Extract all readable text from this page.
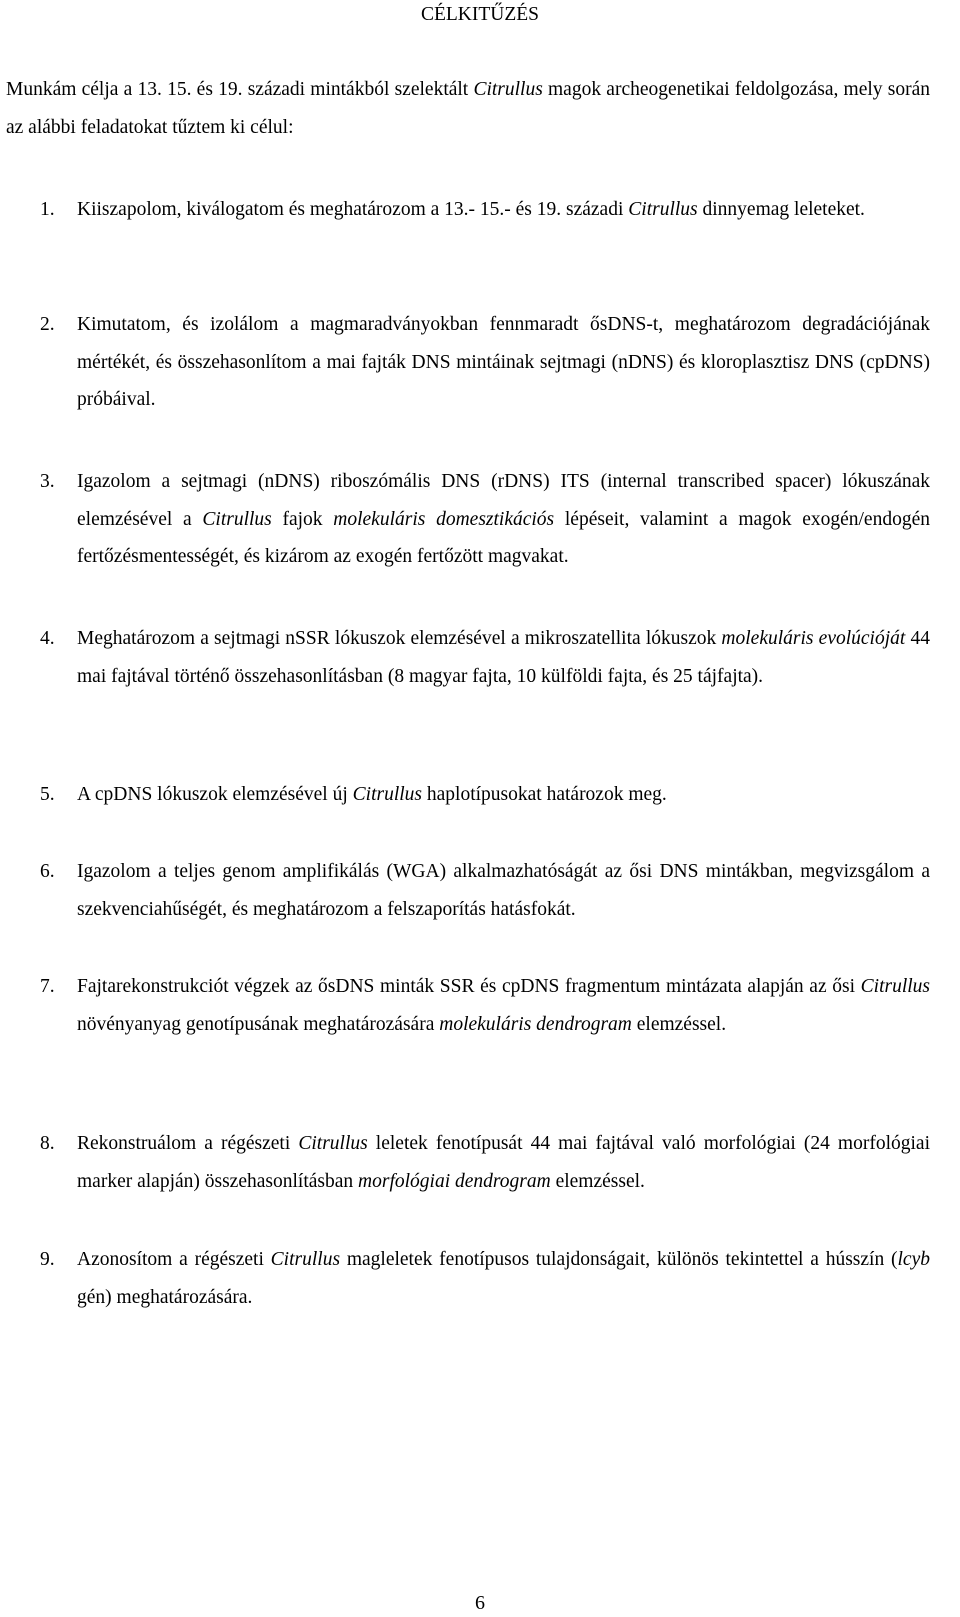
CÉLKITŰZÉS

Munkám célja a 13. 15. és 19. századi mintákból szelektált Citrullus magok archeogenetikai feldolgozása, mely során az alábbi feladatokat tűztem ki célul:

1. Kiiszapolom, kiválogatom és meghatározom a 13.- 15.- és 19. századi Citrullus dinnyemag leleteket.
2. Kimutatom, és izolálom a magmaradványokban fennmaradt ősDNS-t, meghatározom degradációjának mértékét, és összehasonlítom a mai fajták DNS mintáinak sejtmagi (nDNS) és kloroplasztisz DNS (cpDNS) próbáival.
3. Igazolom a sejtmagi (nDNS) riboszómális DNS (rDNS) ITS (internal transcribed spacer) lókuszának elemzésével a Citrullus fajok molekuláris domesztikációs lépéseit, valamint a magok exogén/endogén fertőzésmentességét, és kizárom az exogén fertőzött magvakat.
4. Meghatározom a sejtmagi nSSR lókuszok elemzésével a mikroszatellita lókuszok molekuláris evolúcióját 44 mai fajtával történő összehasonlításban (8 magyar fajta, 10 külföldi fajta, és 25 tájfajta).
5. A cpDNS lókuszok elemzésével új Citrullus haplotípusokat határozok meg.
6. Igazolom a teljes genom amplifikálás (WGA) alkalmazhatóságát az ősi DNS mintákban, megvizsgálom a szekvenciahűségét, és meghatározom a felszaporítás hatásfokát.
7. Fajtarekonstrukciót végzek az ősDNS minták SSR és cpDNS fragmentum mintázata alapján az ősi Citrullus növényanyag genotípusának meghatározására molekuláris dendrogram elemzéssel.
8. Rekonstruálom a régészeti Citrullus leletek fenotípusát 44 mai fajtával való morfológiai (24 morfológiai marker alapján) összehasonlításban morfológiai dendrogram elemzéssel.
9. Azonosítom a régészeti Citrullus magleletek fenotípusos tulajdonságait, különös tekintettel a hússzín (lcyb gén) meghatározására.
6
